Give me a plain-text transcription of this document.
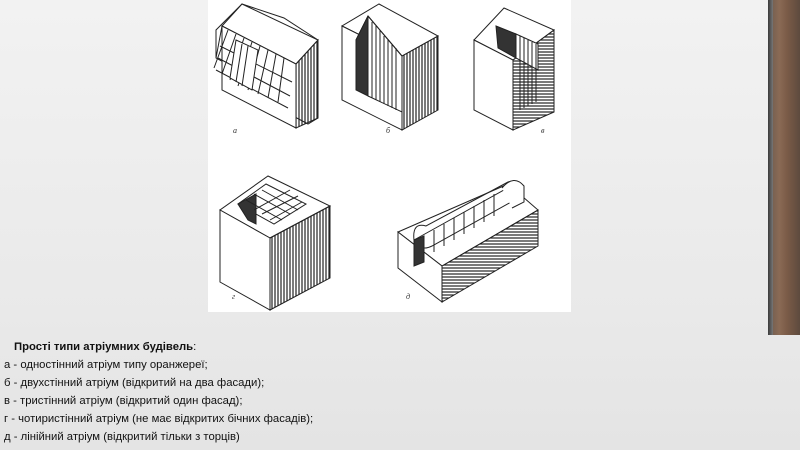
а	б	в
г	д
Прості типи атріумних будівель:
а - одностінний атріум типу оранжереї;
б - двухстінний атріум (відкритий на два фасади);
в - тристінний атріум (відкритий один фасад);
г - чотиристінний атріум (не має відкритих бічних фасадів);
д - лінійний атріум (відкритий тільки з торців)
